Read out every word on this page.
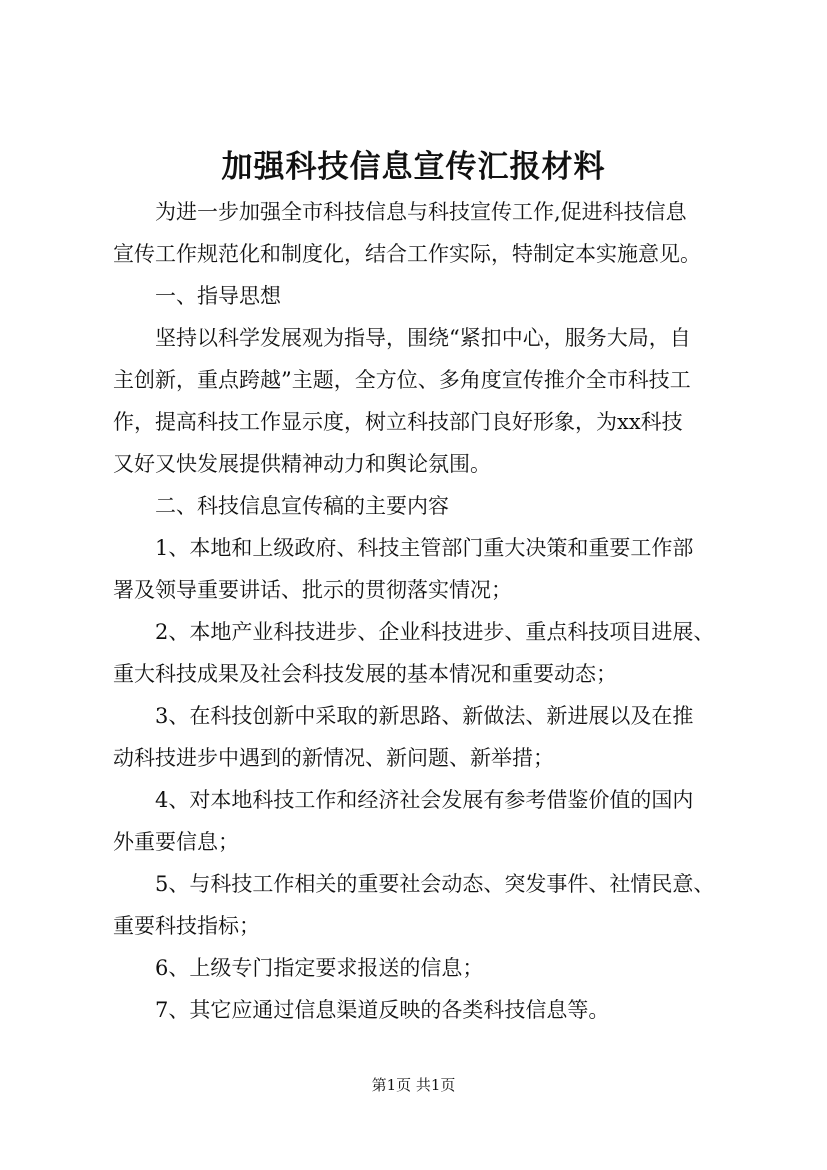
加强科技信息宣传汇报材料

为进一步加强全市科技信息与科技宣传工作,促进科技信息

宣传工作规范化和制度化，结合工作实际，特制定本实施意见。

一、指导思想

坚持以科学发展观为指导，围绕“紧扣中心，服务大局，自

主创新，重点跨越”主题，全方位、多角度宣传推介全市科技工

作，提高科技工作显示度，树立科技部门良好形象，为xx科技

又好又快发展提供精神动力和舆论氛围。

二、科技信息宣传稿的主要内容

1、本地和上级政府、科技主管部门重大决策和重要工作部

署及领导重要讲话、批示的贯彻落实情况；

2、本地产业科技进步、企业科技进步、重点科技项目进展、

重大科技成果及社会科技发展的基本情况和重要动态；

3、在科技创新中采取的新思路、新做法、新进展以及在推

动科技进步中遇到的新情况、新问题、新举措；

4、对本地科技工作和经济社会发展有参考借鉴价值的国内

外重要信息；

5、与科技工作相关的重要社会动态、突发事件、社情民意、

重要科技指标；

6、上级专门指定要求报送的信息；

7、其它应通过信息渠道反映的各类科技信息等。

第1页 共1页
